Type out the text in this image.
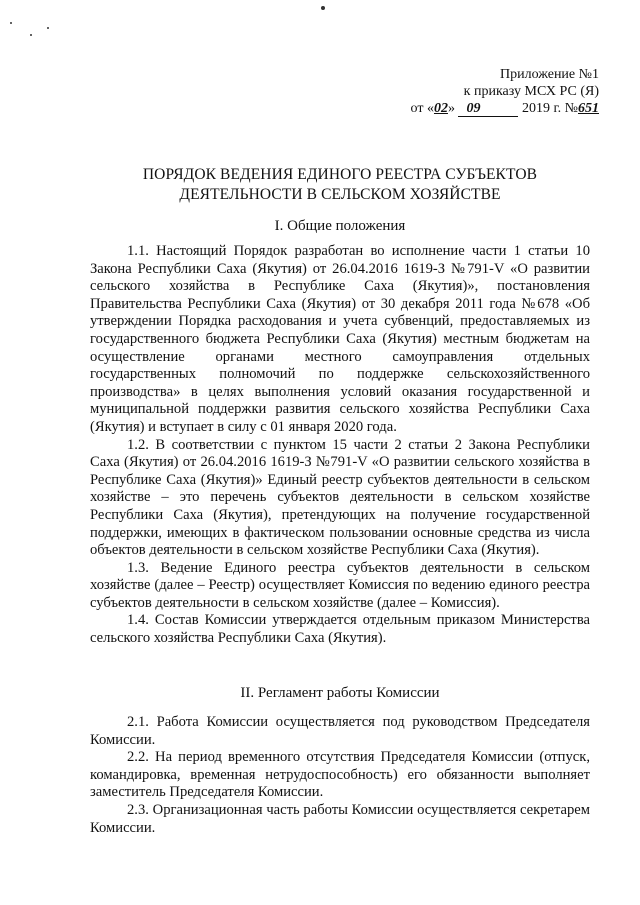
Приложение №1
к приказу МСХ РС (Я)
от «02» 09	2019 г. №651
ПОРЯДОК ВЕДЕНИЯ ЕДИНОГО РЕЕСТРА СУБЪЕКТОВ
ДЕЯТЕЛЬНОСТИ В СЕЛЬСКОМ ХОЗЯЙСТВЕ
I. Общие положения

1.1. Настоящий Порядок разработан во исполнение части 1 статьи 10 Закона Республики Саха (Якутия) от 26.04.2016 1619-З №791-V «О развитии сельского хозяйства в Республике Саха (Якутия)», постановления Правительства Республики Саха (Якутия) от 30 декабря 2011 года №678 «Об утверждении Порядка расходования и учета субвенций, предоставляемых из государственного бюджета Республики Саха (Якутия) местным бюджетам на осуществление органами местного самоуправления отдельных государственных полномочий по поддержке сельскохозяйственного производства» в целях выполнения условий оказания государственной и муниципальной поддержки развития сельского хозяйства Республики Саха (Якутия) и вступает в силу с 01 января 2020 года.

1.2. В соответствии с пунктом 15 части 2 статьи 2 Закона Республики Саха (Якутия) от 26.04.2016 1619-З №791-V «О развитии сельского хозяйства в Республике Саха (Якутия)» Единый реестр субъектов деятельности в сельском хозяйстве – это перечень субъектов деятельности в сельском хозяйстве Республики Саха (Якутия), претендующих на получение государственной поддержки, имеющих в фактическом пользовании основные средства из числа объектов деятельности в сельском хозяйстве Республики Саха (Якутия).

1.3. Ведение Единого реестра субъектов деятельности в сельском хозяйстве (далее – Реестр) осуществляет Комиссия по ведению единого реестра субъектов деятельности в сельском хозяйстве (далее – Комиссия).

1.4. Состав Комиссии утверждается отдельным приказом Министерства сельского хозяйства Республики Саха (Якутия).

II. Регламент работы Комиссии

2.1. Работа Комиссии осуществляется под руководством Председателя Комиссии.

2.2. На период временного отсутствия Председателя Комиссии (отпуск, командировка, временная нетрудоспособность) его обязанности выполняет заместитель Председателя Комиссии.

2.3. Организационная часть работы Комиссии осуществляется секретарем Комиссии.
